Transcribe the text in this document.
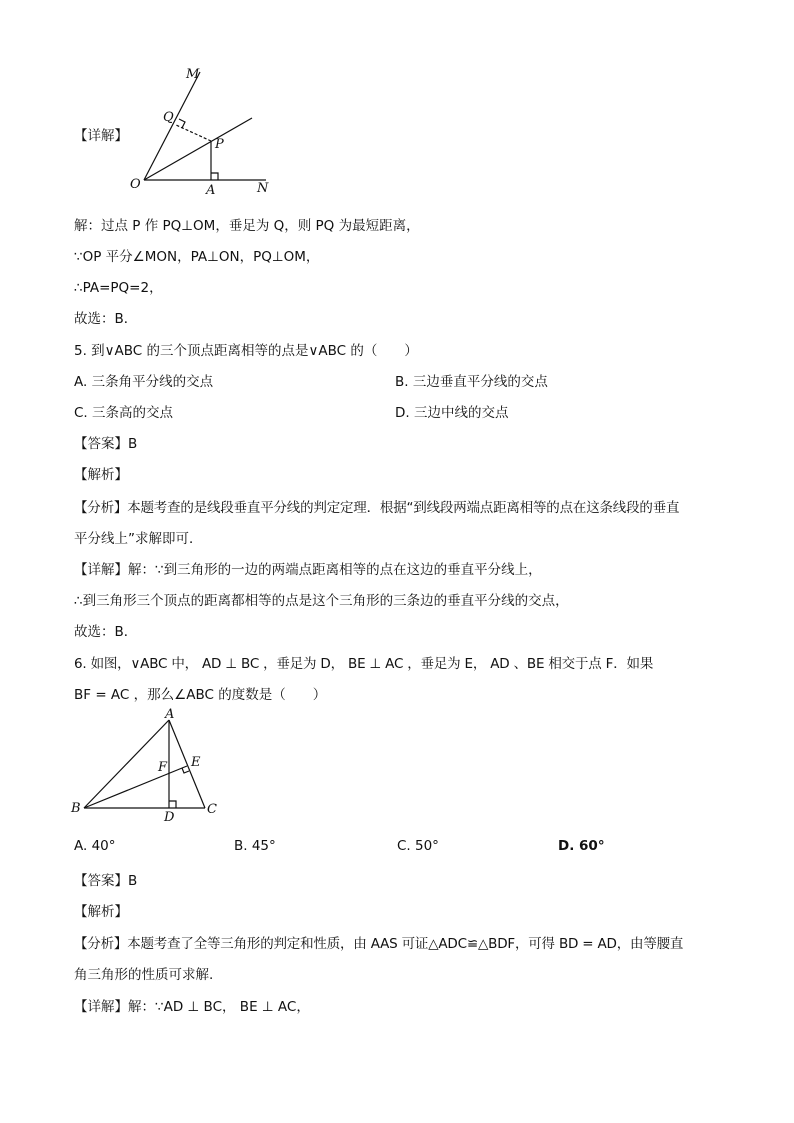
M
Q
P
O	A	N
【详解】
解：过点 P 作 PQ⊥OM，垂足为 Q，则 PQ 为最短距离，
∵OP 平分∠MON，PA⊥ON，PQ⊥OM，
∴PA=PQ=2，
故选：B．
5. 到∨ABC 的三个顶点距离相等的点是∨ABC 的（　　）
A. 三条角平分线的交点	B. 三边垂直平分线的交点
C. 三条高的交点	D. 三边中线的交点
【答案】B
【解析】
【分析】本题考查的是线段垂直平分线的判定定理．根据“到线段两端点距离相等的点在这条线段的垂直
平分线上”求解即可．
【详解】解：∵到三角形的一边的两端点距离相等的点在这边的垂直平分线上，
∴到三角形三个顶点的距离都相等的点是这个三角形的三条边的垂直平分线的交点，
故选：B．
6. 如图，∨ABC 中， AD ⊥ BC ，垂足为 D， BE ⊥ AC ，垂足为 E， AD 、BE 相交于点 F．如果
BF = AC ，那么∠ABC 的度数是（　　）
A
B	C
D
E
F
A. 40°	B. 45°	C. 50°	D. 60°
【答案】B
【解析】
【分析】本题考查了全等三角形的判定和性质，由 AAS 可证△ADC≌△BDF，可得 BD = AD，由等腰直
角三角形的性质可求解.
【详解】解：∵AD ⊥ BC， BE ⊥ AC，
